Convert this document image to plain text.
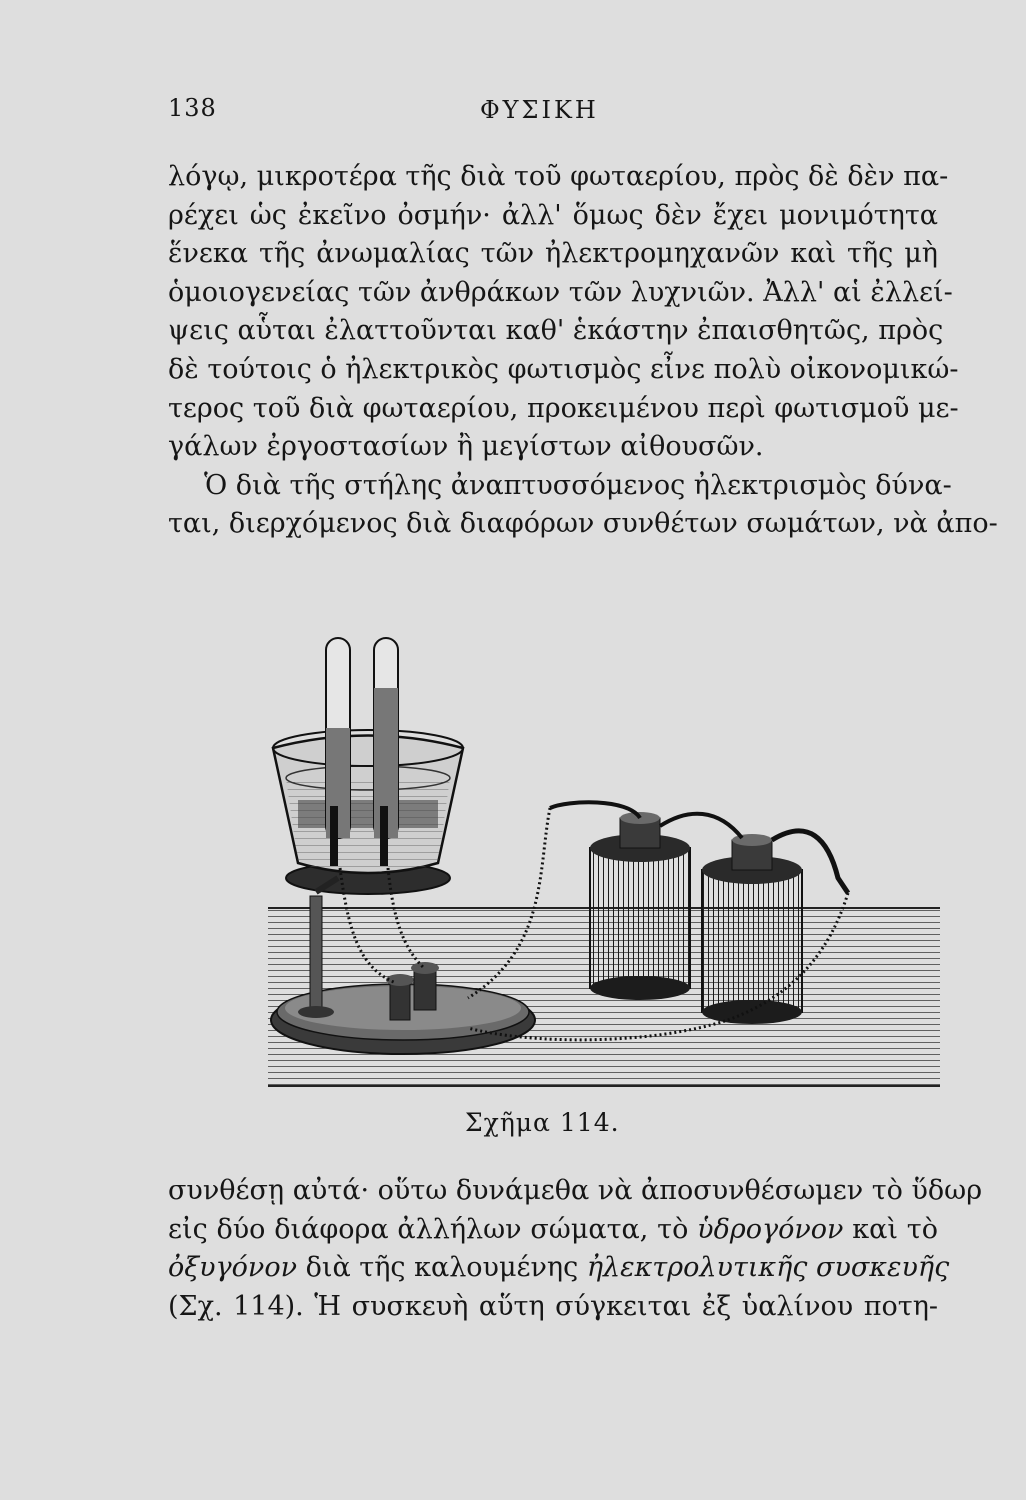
138	ΦΥΣΙΚΗ
λόγῳ, μικροτέρα τῆς διὰ τοῦ φωταερίου, πρὸς δὲ δὲν πα-
ρέχει ὡς ἐκεῖνο ὀσμήν· ἀλλ' ὅμως δὲν ἔχει μονιμότητα
ἕνεκα τῆς ἀνωμαλίας τῶν ἠλεκτρομηχανῶν καὶ τῆς μὴ
ὁμοιογενείας τῶν ἀνθράκων τῶν λυχνιῶν. Ἀλλ' αἱ ἐλλεί-
ψεις αὗται ἐλαττοῦνται καθ' ἑκάστην ἐπαισθητῶς, πρὸς
δὲ τούτοις ὁ ἠλεκτρικὸς φωτισμὸς εἶνε πολὺ οἰκονομικώ-
τερος τοῦ διὰ φωταερίου, προκειμένου περὶ φωτισμοῦ με-
γάλων ἐργοστασίων ἢ μεγίστων αἰθουσῶν.
Ὁ διὰ τῆς στήλης ἀναπτυσσόμενος ἠλεκτρισμὸς δύνα-
ται, διερχόμενος διὰ διαφόρων συνθέτων σωμάτων, νὰ ἀπο-
Σχῆμα 114.
συνθέσῃ αὐτά· οὕτω δυνάμεθα νὰ ἀποσυνθέσωμεν τὸ ὕδωρ
εἰς δύο διάφορα ἀλλήλων σώματα, τὸ ὑδρογόνον καὶ τὸ
ὀξυγόνον διὰ τῆς καλουμένης ἠλεκτρολυτικῆς συσκευῆς
(Σχ. 114). Ἡ συσκευὴ αὕτη σύγκειται ἐξ ὑαλίνου ποτη-
